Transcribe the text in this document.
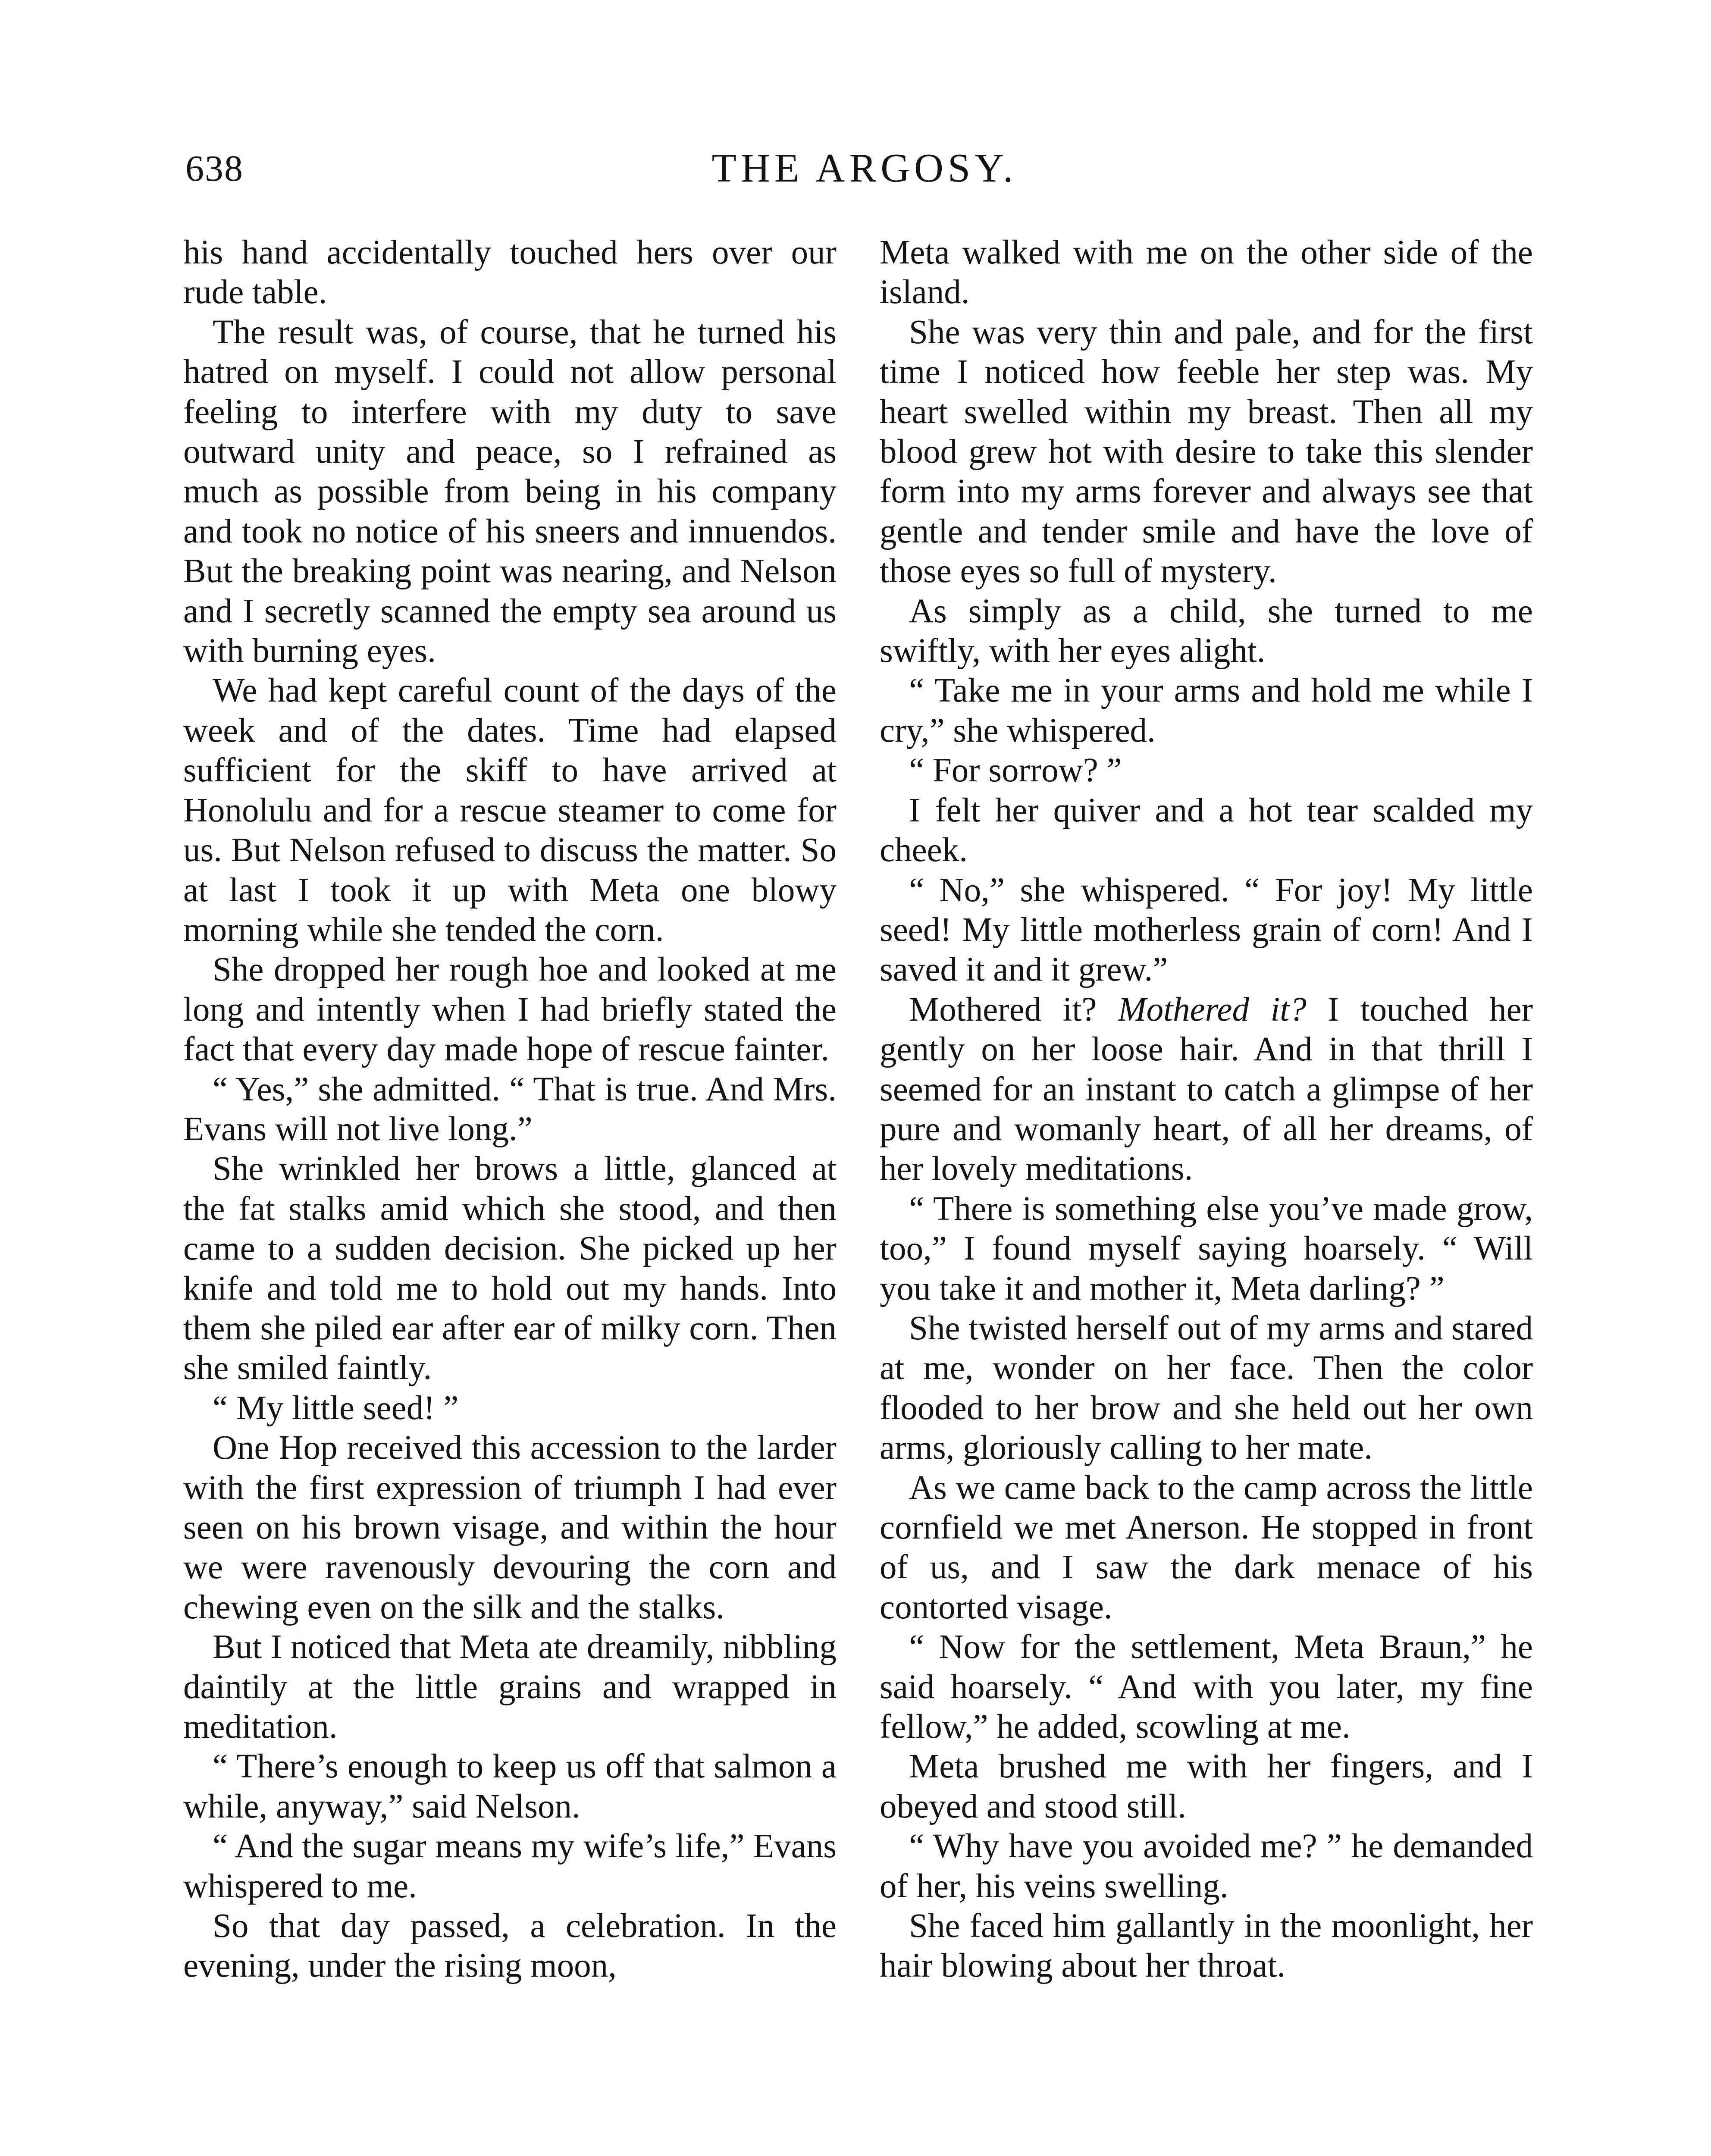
638	THE ARGOSY.

his hand accidentally touched hers over our rude table.

The result was, of course, that he turned his hatred on myself. I could not allow personal feeling to interfere with my duty to save outward unity and peace, so I refrained as much as possible from being in his company and took no notice of his sneers and innuendos. But the breaking point was nearing, and Nelson and I secretly scanned the empty sea around us with burning eyes.

We had kept careful count of the days of the week and of the dates. Time had elapsed sufficient for the skiff to have arrived at Honolulu and for a rescue steamer to come for us. But Nelson refused to discuss the matter. So at last I took it up with Meta one blowy morning while she tended the corn.

She dropped her rough hoe and looked at me long and intently when I had briefly stated the fact that every day made hope of rescue fainter.

“ Yes,” she admitted. “ That is true. And Mrs. Evans will not live long.”

She wrinkled her brows a little, glanced at the fat stalks amid which she stood, and then came to a sudden decision. She picked up her knife and told me to hold out my hands. Into them she piled ear after ear of milky corn. Then she smiled faintly.

“ My little seed! ”

One Hop received this accession to the larder with the first expression of triumph I had ever seen on his brown visage, and within the hour we were ravenously devouring the corn and chewing even on the silk and the stalks.

But I noticed that Meta ate dreamily, nibbling daintily at the little grains and wrapped in meditation.

“ There’s enough to keep us off that salmon a while, anyway,” said Nelson.

“ And the sugar means my wife’s life,” Evans whispered to me.

So that day passed, a celebration. In the evening, under the rising moon,

Meta walked with me on the other side of the island.

She was very thin and pale, and for the first time I noticed how feeble her step was. My heart swelled within my breast. Then all my blood grew hot with desire to take this slender form into my arms forever and always see that gentle and tender smile and have the love of those eyes so full of mystery.

As simply as a child, she turned to me swiftly, with her eyes alight.

“ Take me in your arms and hold me while I cry,” she whispered.

“ For sorrow? ”

I felt her quiver and a hot tear scalded my cheek.

“ No,” she whispered. “ For joy! My little seed! My little motherless grain of corn! And I saved it and it grew.”

Mothered it? Mothered it? I touched her gently on her loose hair. And in that thrill I seemed for an instant to catch a glimpse of her pure and womanly heart, of all her dreams, of her lovely meditations.

“ There is something else you’ve made grow, too,” I found myself saying hoarsely. “ Will you take it and mother it, Meta darling? ”

She twisted herself out of my arms and stared at me, wonder on her face. Then the color flooded to her brow and she held out her own arms, gloriously calling to her mate.

As we came back to the camp across the little cornfield we met Anerson. He stopped in front of us, and I saw the dark menace of his contorted visage.

“ Now for the settlement, Meta Braun,” he said hoarsely. “ And with you later, my fine fellow,” he added, scowling at me.

Meta brushed me with her fingers, and I obeyed and stood still.

“ Why have you avoided me? ” he demanded of her, his veins swelling.

She faced him gallantly in the moonlight, her hair blowing about her throat.
